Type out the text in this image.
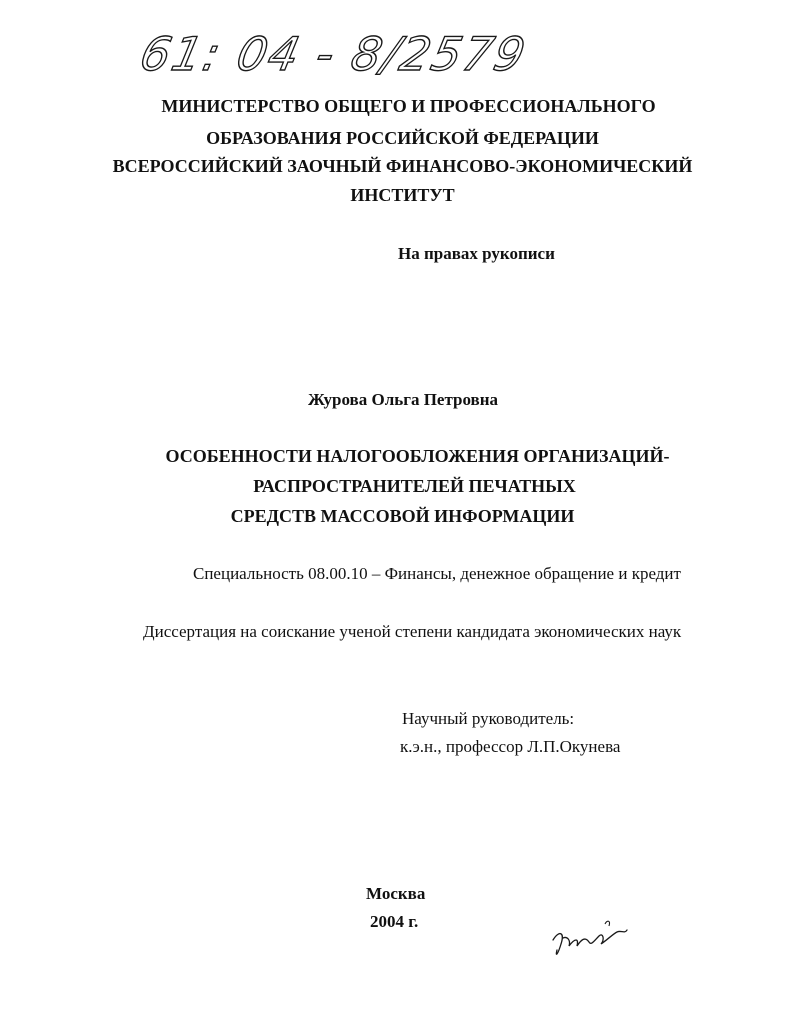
61: 04 - 8/2579
МИНИСТЕРСТВО ОБЩЕГО И ПРОФЕССИОНАЛЬНОГО
ОБРАЗОВАНИЯ РОССИЙСКОЙ ФЕДЕРАЦИИ
ВСЕРОССИЙСКИЙ ЗАОЧНЫЙ ФИНАНСОВО-ЭКОНОМИЧЕСКИЙ
ИНСТИТУТ
На правах рукописи
Журова Ольга Петровна
ОСОБЕННОСТИ НАЛОГООБЛОЖЕНИЯ ОРГАНИЗАЦИЙ-
РАСПРОСТРАНИТЕЛЕЙ ПЕЧАТНЫХ
СРЕДСТВ МАССОВОЙ ИНФОРМАЦИИ
Специальность 08.00.10 – Финансы, денежное обращение и кредит
Диссертация на соискание ученой степени кандидата экономических наук
Научный руководитель:
к.э.н., профессор Л.П.Окунева
Москва
2004 г.
